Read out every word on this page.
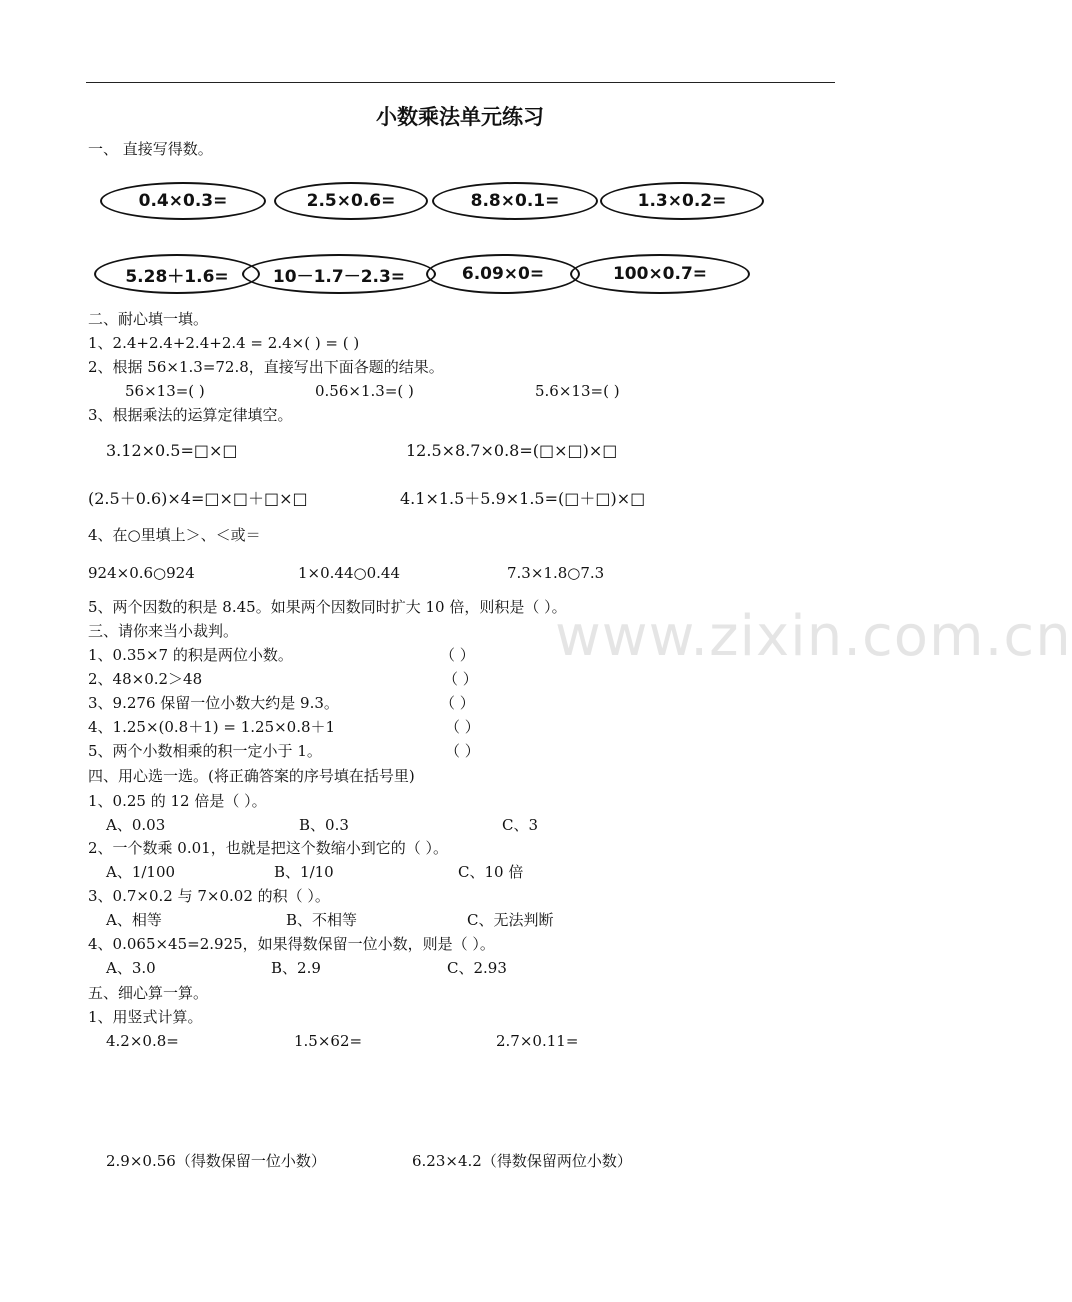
小数乘法单元练习
一、 直接写得数。
0.4×0.3=	2.5×0.6=	8.8×0.1=	1.3×0.2=
5.28＋1.6=	10－1.7－2.3=	6.09×0=	100×0.7=
www.zixin.com.cn
二、耐心填一填。
1、2.4+2.4+2.4+2.4 = 2.4×( ) = ( )
2、根据 56×1.3=72.8，直接写出下面各题的结果。
56×13=( )	0.56×1.3=( )	5.6×13=( )
3、根据乘法的运算定律填空。
3.12×0.5=□×□	12.5×8.7×0.8=(□×□)×□
(2.5＋0.6)×4=□×□＋□×□	4.1×1.5＋5.9×1.5=(□＋□)×□
4、在○里填上＞、＜或＝
924×0.6○924	1×0.44○0.44	7.3×1.8○7.3
5、两个因数的积是 8.45。如果两个因数同时扩大 10 倍，则积是（ ）。
三、请你来当小裁判。
1、0.35×7 的积是两位小数。	（ ）
2、48×0.2＞48	（ ）
3、9.276 保留一位小数大约是 9.3。	（ ）
4、1.25×(0.8＋1) = 1.25×0.8＋1	（ ）
5、两个小数相乘的积一定小于 1。	（ ）
四、用心选一选。(将正确答案的序号填在括号里)
1、0.25 的 12 倍是（ ）。
A、0.03	B、0.3	C、3
2、一个数乘 0.01，也就是把这个数缩小到它的（ ）。
A、1/100	B、1/10	C、10 倍
3、0.7×0.2 与 7×0.02 的积（ ）。
A、相等	B、不相等	C、无法判断
4、0.065×45=2.925，如果得数保留一位小数，则是（ ）。
A、3.0	B、2.9	C、2.93
五、细心算一算。
1、用竖式计算。
4.2×0.8=	1.5×62=	2.7×0.11=
2.9×0.56（得数保留一位小数）	6.23×4.2（得数保留两位小数）
